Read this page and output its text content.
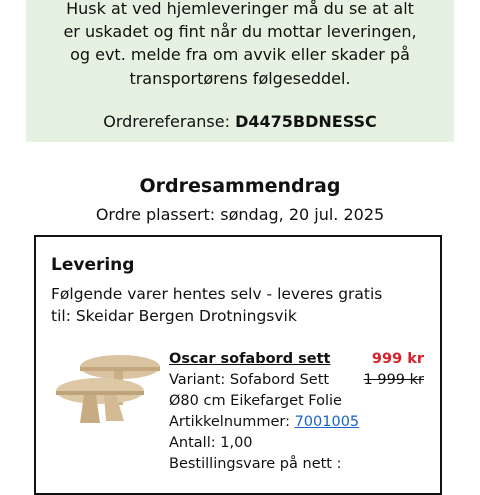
Husk at ved hjemleveringer må du se at alt
er uskadet og fint når du mottar leveringen,
og evt. melde fra om avvik eller skader på
transportørens følgeseddel.
Ordrereferanse: D4475BDNESSC
Ordresammendrag
Ordre plassert: søndag, 20 jul. 2025
Levering
Følgende varer hentes selv - leveres gratis
til: Skeidar Bergen Drotningsvik
Oscar sofabord sett
Variant: Sofabord Sett
Ø80 cm Eikefarget Folie
Artikkelnummer: 7001005
Antall: 1,00
Bestillingsvare på nett :
999 kr
1 999 kr
